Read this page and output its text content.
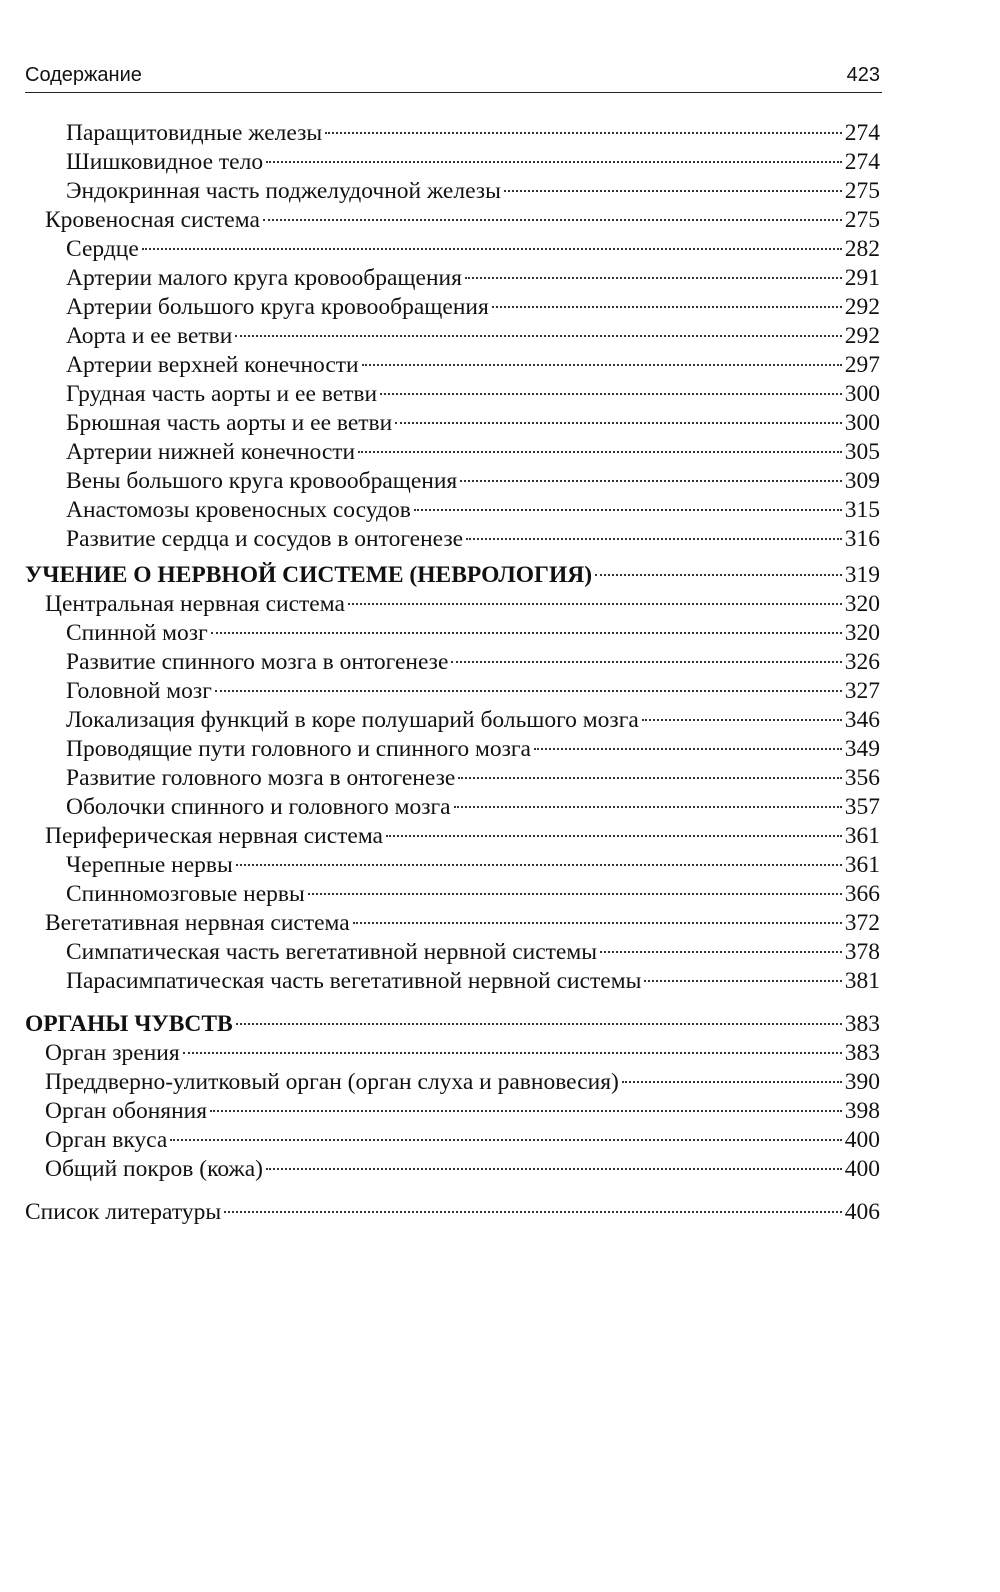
Содержание	423
Паращитовидные железы	274
Шишковидное тело	274
Эндокринная часть поджелудочной железы	275
Кровеносная система	275
Сердце	282
Артерии малого круга кровообращения	291
Артерии большого круга кровообращения	292
Аорта и ее ветви	292
Артерии верхней конечности	297
Грудная часть аорты и ее ветви	300
Брюшная часть аорты и ее ветви	300
Артерии нижней конечности	305
Вены большого круга кровообращения	309
Анастомозы кровеносных сосудов	315
Развитие сердца и сосудов в онтогенезе	316
УЧЕНИЕ О НЕРВНОЙ СИСТЕМЕ (НЕВРОЛОГИЯ)	319
Центральная нервная система	320
Спинной мозг	320
Развитие спинного мозга в онтогенезе	326
Головной мозг	327
Локализация функций в коре полушарий большого мозга	346
Проводящие пути головного и спинного мозга	349
Развитие головного мозга в онтогенезе	356
Оболочки спинного и головного мозга	357
Периферическая нервная система	361
Черепные нервы	361
Спинномозговые нервы	366
Вегетативная нервная система	372
Симпатическая часть вегетативной нервной системы	378
Парасимпатическая часть вегетативной нервной системы	381
ОРГАНЫ ЧУВСТВ	383
Орган зрения	383
Преддверно-улитковый орган (орган слуха и равновесия)	390
Орган обоняния	398
Орган вкуса	400
Общий покров (кожа)	400
Список литературы	406
